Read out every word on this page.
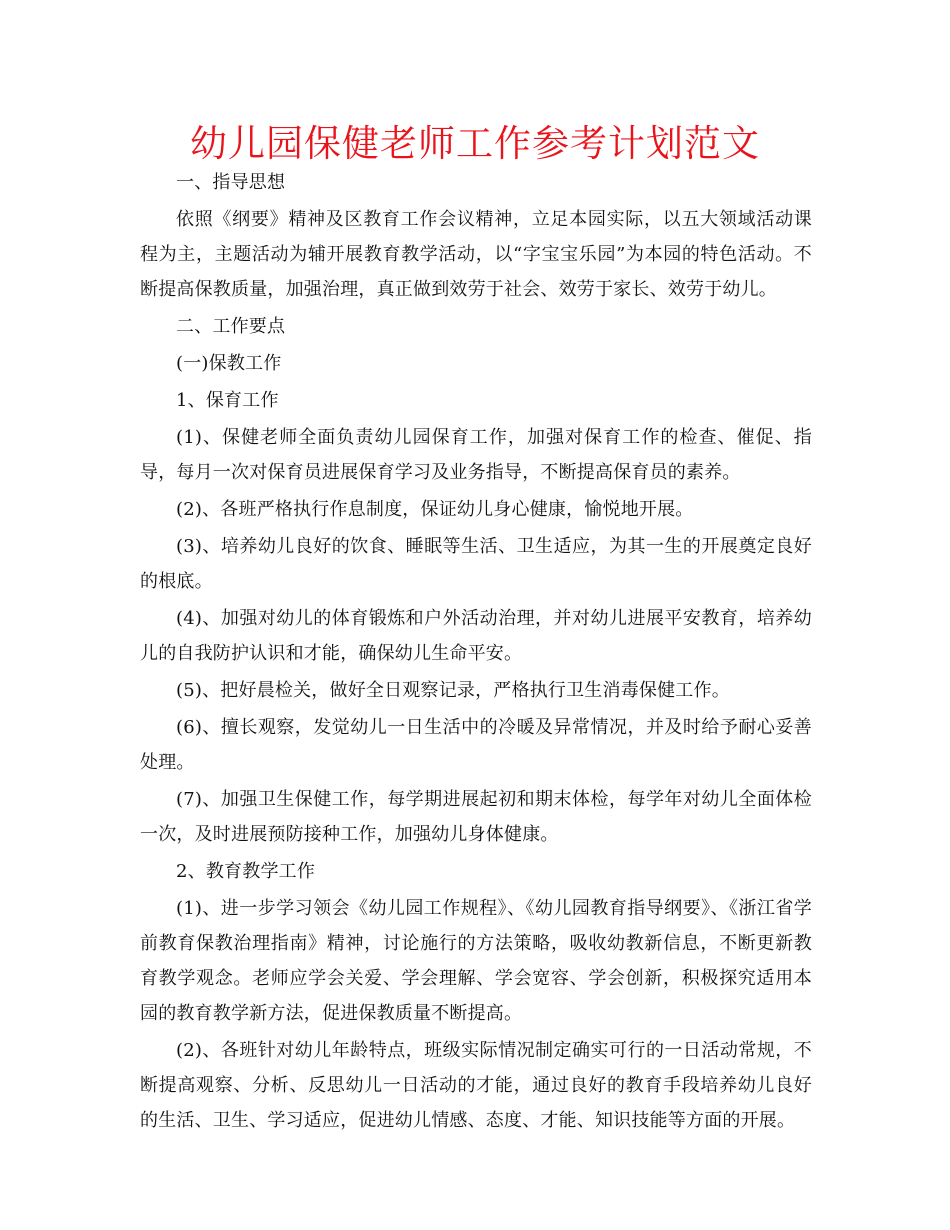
幼儿园保健老师工作参考计划范文

一、指导思想

依照《纲要》精神及区教育工作会议精神，立足本园实际，以五大领域活动课程为主，主题活动为辅开展教育教学活动，以“字宝宝乐园”为本园的特色活动。不断提高保教质量，加强治理，真正做到效劳于社会、效劳于家长、效劳于幼儿。

二、工作要点

(一)保教工作

1、保育工作

(1)、保健老师全面负责幼儿园保育工作，加强对保育工作的检查、催促、指导，每月一次对保育员进展保育学习及业务指导，不断提高保育员的素养。

(2)、各班严格执行作息制度，保证幼儿身心健康，愉悦地开展。

(3)、培养幼儿良好的饮食、睡眠等生活、卫生适应，为其一生的开展奠定良好的根底。

(4)、加强对幼儿的体育锻炼和户外活动治理，并对幼儿进展平安教育，培养幼儿的自我防护认识和才能，确保幼儿生命平安。

(5)、把好晨检关，做好全日观察记录，严格执行卫生消毒保健工作。

(6)、擅长观察，发觉幼儿一日生活中的冷暖及异常情况，并及时给予耐心妥善处理。

(7)、加强卫生保健工作，每学期进展起初和期末体检，每学年对幼儿全面体检一次，及时进展预防接种工作，加强幼儿身体健康。

2、教育教学工作

(1)、进一步学习领会《幼儿园工作规程》、《幼儿园教育指导纲要》、《浙江省学前教育保教治理指南》精神，讨论施行的方法策略，吸收幼教新信息，不断更新教育教学观念。老师应学会关爱、学会理解、学会宽容、学会创新，积极探究适用本园的教育教学新方法，促进保教质量不断提高。

(2)、各班针对幼儿年龄特点，班级实际情况制定确实可行的一日活动常规，不断提高观察、分析、反思幼儿一日活动的才能，通过良好的教育手段培养幼儿良好的生活、卫生、学习适应，促进幼儿情感、态度、才能、知识技能等方面的开展。
